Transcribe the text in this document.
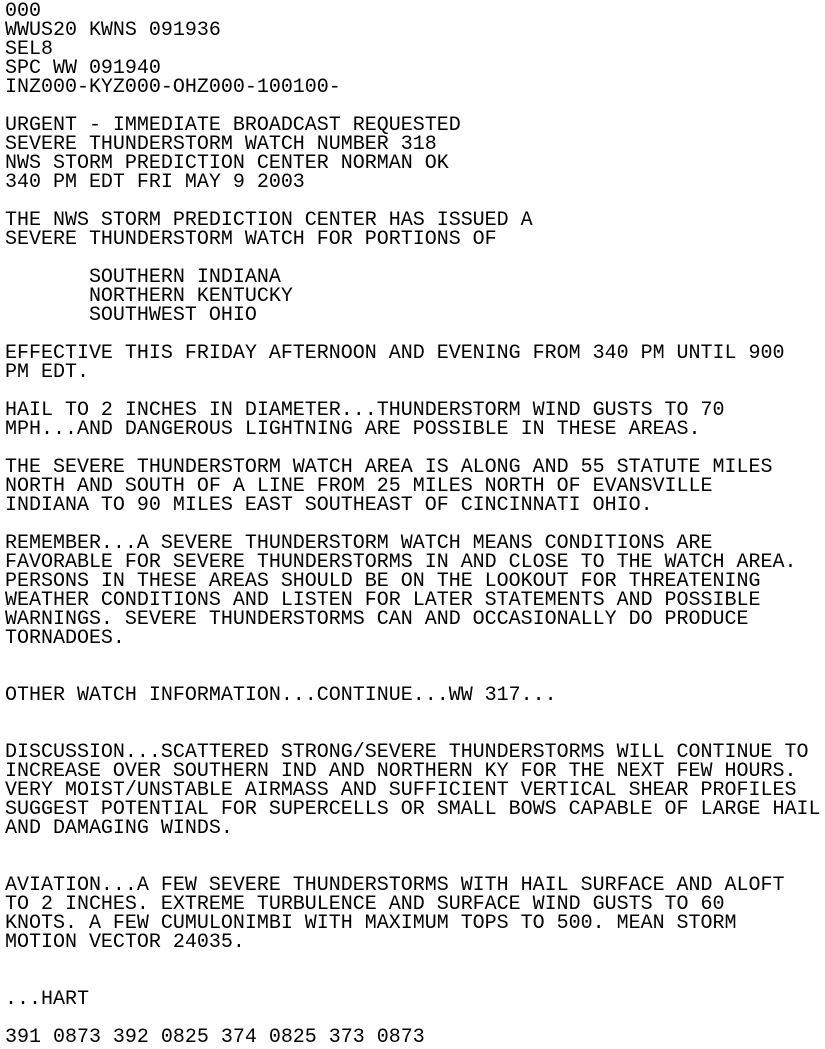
000
WWUS20 KWNS 091936
SEL8
SPC WW 091940
INZ000-KYZ000-OHZ000-100100-
URGENT - IMMEDIATE BROADCAST REQUESTED
SEVERE THUNDERSTORM WATCH NUMBER 318
NWS STORM PREDICTION CENTER NORMAN OK
340 PM EDT FRI MAY 9 2003
THE NWS STORM PREDICTION CENTER HAS ISSUED A
SEVERE THUNDERSTORM WATCH FOR PORTIONS OF
SOUTHERN INDIANA
NORTHERN KENTUCKY
SOUTHWEST OHIO
EFFECTIVE THIS FRIDAY AFTERNOON AND EVENING FROM 340 PM UNTIL 900
PM EDT.
HAIL TO 2 INCHES IN DIAMETER...THUNDERSTORM WIND GUSTS TO 70
MPH...AND DANGEROUS LIGHTNING ARE POSSIBLE IN THESE AREAS.
THE SEVERE THUNDERSTORM WATCH AREA IS ALONG AND 55 STATUTE MILES
NORTH AND SOUTH OF A LINE FROM 25 MILES NORTH OF EVANSVILLE
INDIANA TO 90 MILES EAST SOUTHEAST OF CINCINNATI OHIO.
REMEMBER...A SEVERE THUNDERSTORM WATCH MEANS CONDITIONS ARE
FAVORABLE FOR SEVERE THUNDERSTORMS IN AND CLOSE TO THE WATCH AREA.
PERSONS IN THESE AREAS SHOULD BE ON THE LOOKOUT FOR THREATENING
WEATHER CONDITIONS AND LISTEN FOR LATER STATEMENTS AND POSSIBLE
WARNINGS. SEVERE THUNDERSTORMS CAN AND OCCASIONALLY DO PRODUCE
TORNADOES.
OTHER WATCH INFORMATION...CONTINUE...WW 317...
DISCUSSION...SCATTERED STRONG/SEVERE THUNDERSTORMS WILL CONTINUE TO
INCREASE OVER SOUTHERN IND AND NORTHERN KY FOR THE NEXT FEW HOURS.
VERY MOIST/UNSTABLE AIRMASS AND SUFFICIENT VERTICAL SHEAR PROFILES
SUGGEST POTENTIAL FOR SUPERCELLS OR SMALL BOWS CAPABLE OF LARGE HAIL
AND DAMAGING WINDS.
AVIATION...A FEW SEVERE THUNDERSTORMS WITH HAIL SURFACE AND ALOFT
TO 2 INCHES. EXTREME TURBULENCE AND SURFACE WIND GUSTS TO 60
KNOTS. A FEW CUMULONIMBI WITH MAXIMUM TOPS TO 500. MEAN STORM
MOTION VECTOR 24035.
...HART
391 0873 392 0825 374 0825 373 0873
